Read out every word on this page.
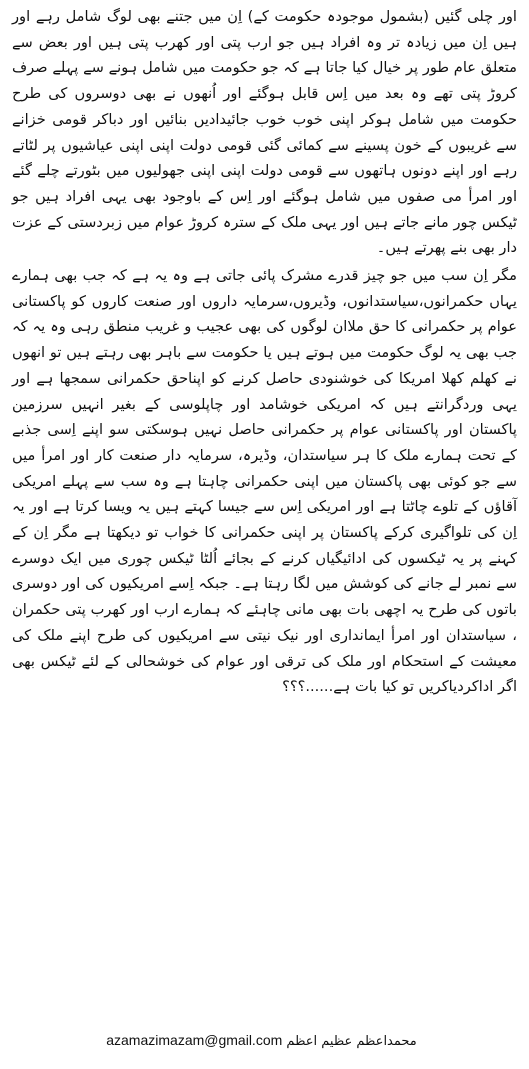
اور چلی گئیں (بشمول موجودہ حکومت کے) اِن میں جتنے بھی لوگ شامل رہے اور ہیں اِن میں زیادہ تر وہ افراد ہیں جو ارب پتی اور کھرب پتی ہیں اور بعض سے متعلق عام طور پر خیال کیا جاتا ہے کہ جو حکومت میں شامل ہونے سے پہلے صرف کروڑ پتی تھے وہ بعد میں اِس قابل ہوگئے اور اُنھوں نے بھی دوسروں کی طرح حکومت میں شامل ہوکر اپنی خوب خوب جائیدادیں بنائیں اور دباکر قومی خزانے سے غریبوں کے خون پسینے سے کمائی گئی قومی دولت اپنی اپنی عیاشیوں پر لٹاتے رہے اور اپنے دونوں ہاتھوں سے قومی دولت اپنی اپنی جھولیوں میں بٹورتے چلے گئے اور امرأ می صفوں میں شامل ہوگئے اور اِس کے باوجود بھی یہی افراد ہیں جو ٹیکس چور مانے جاتے ہیں اور یہی ملک کے سترہ کروڑ عوام میں زبردستی کے عزت دار بھی بنے پھرتے ہیں۔

مگر اِن سب میں جو چیز قدرے مشرک پائی جاتی ہے وہ یہ ہے کہ جب بھی ہمارے یہاں حکمرانوں،سیاستدانوں، وڈیروں،سرمایہ داروں اور صنعت کاروں کو پاکستانی عوام پر حکمرانی کا حق ملاان لوگوں کی بھی عجیب و غریب منطق رہی وہ یہ کہ جب بھی یہ لوگ حکومت میں ہوتے ہیں یا حکومت سے باہر بھی رہتے ہیں تو انھوں نے کھلم کھلا امریکا کی خوشنودی حاصل کرنے کو اپناحق حکمرانی سمجھا ہے اور یہی وردگرانتے ہیں کہ امریکی خوشامد اور چاپلوسی کے بغیر انہیں سرزمین پاکستان اور پاکستانی عوام پر حکمرانی حاصل نہیں ہوسکتی سو اپنے اِسی جذبے کے تحت ہمارے ملک کا ہر سیاستدان، وڈیرہ، سرمایہ دار صنعت کار اور امرأ میں سے جو کوئی بھی پاکستان میں اپنی حکمرانی چاہتا ہے وہ سب سے پہلے امریکی آقاؤں کے تلوے چاٹتا ہے اور امریکی اِس سے جیسا کہتے ہیں یہ ویسا کرتا ہے اور یہ اِن کی تلواگیری کرکے پاکستان پر اپنی حکمرانی کا خواب تو دیکھتا ہے مگر اِن کے کہنے پر یہ ٹیکسوں کی ادائیگیاں کرنے کے بجائے اُلٹا ٹیکس چوری میں ایک دوسرے سے نمبر لے جانے کی کوشش میں لگا رہتا ہے۔ جبکہ اِسے امریکیوں کی اور دوسری باتوں کی طرح یہ اچھی بات بھی مانی چاہئے کہ ہمارے ارب اور کھرب پتی حکمران ، سیاستدان اور امرأ ایمانداری اور نیک نیتی سے امریکیوں کی طرح اپنے ملک کی معیشت کے استحکام اور ملک کی ترقی اور عوام کی خوشحالی کے لئے ٹیکس بھی اگر اداکردیاکریں تو کیا بات ہے......؟؟؟

azamazimazam@gmail.com محمداعظم عظیم اعظم
